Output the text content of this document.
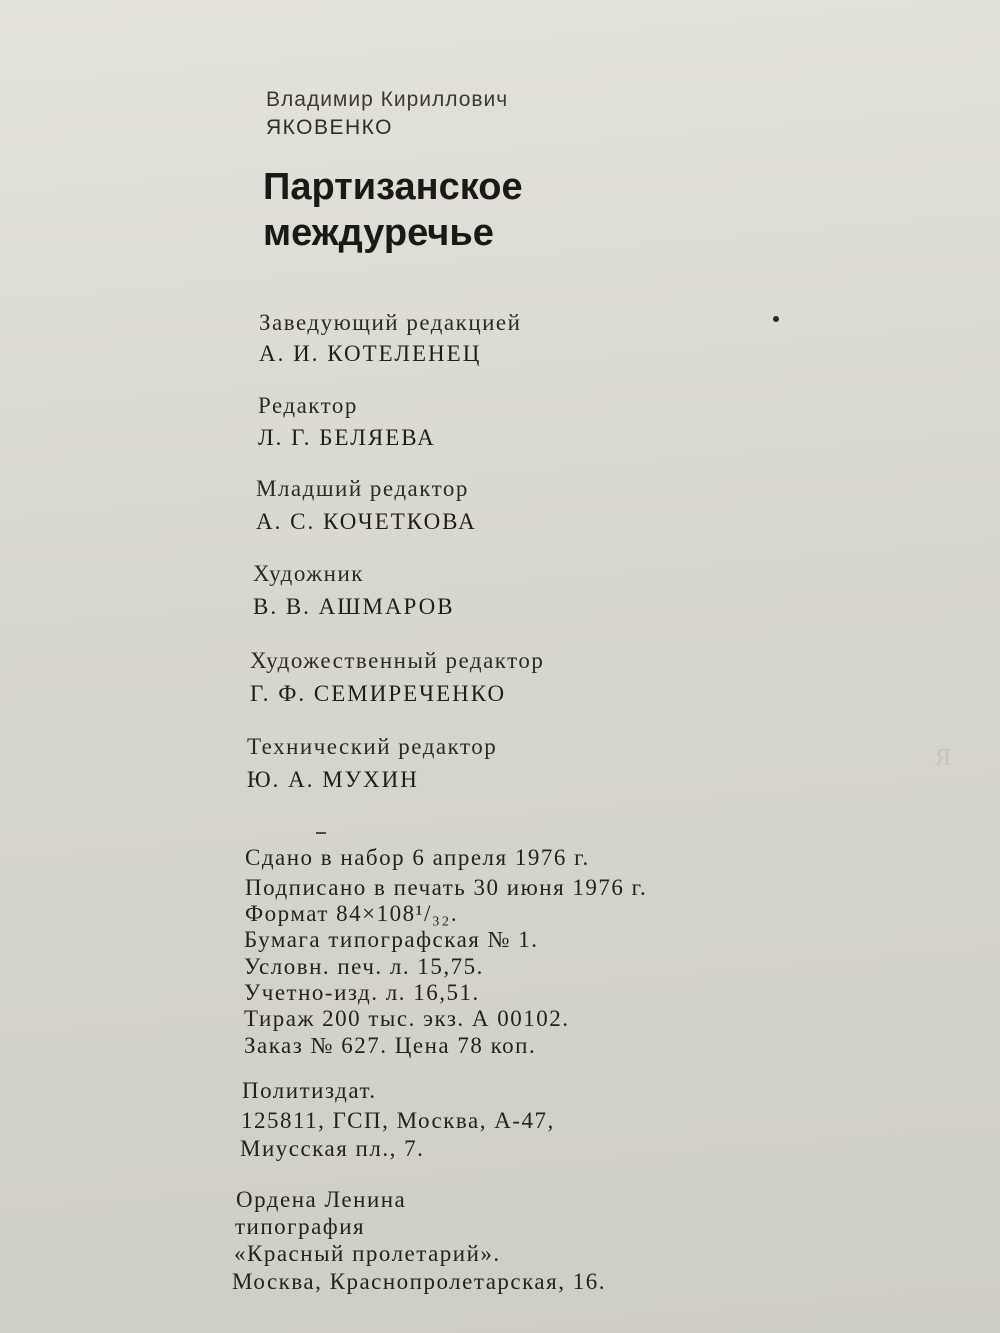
Я
Владимир Кириллович
ЯКОВЕНКО
Партизанское
междуречье
Заведующий редакцией
А. И. КОТЕЛЕНЕЦ
Редактор
Л. Г. БЕЛЯЕВА
Младший редактор
А. С. КОЧЕТКОВА
Художник
В. В. АШМАРОВ
Художественный редактор
Г. Ф. СЕМИРЕЧЕНКО
Технический редактор
Ю. А. МУХИН
Сдано в набор 6 апреля 1976 г.
Подписано в печать 30 июня 1976 г.
Формат 84×108¹/₃₂.
Бумага типографская № 1.
Условн. печ. л. 15,75.
Учетно-изд. л. 16,51.
Тираж 200 тыс. экз. А 00102.
Заказ № 627. Цена 78 коп.
Политиздат.
125811, ГСП, Москва, А-47,
Миусская пл., 7.
Ордена Ленина
типография
«Красный пролетарий».
Москва, Краснопролетарская, 16.
